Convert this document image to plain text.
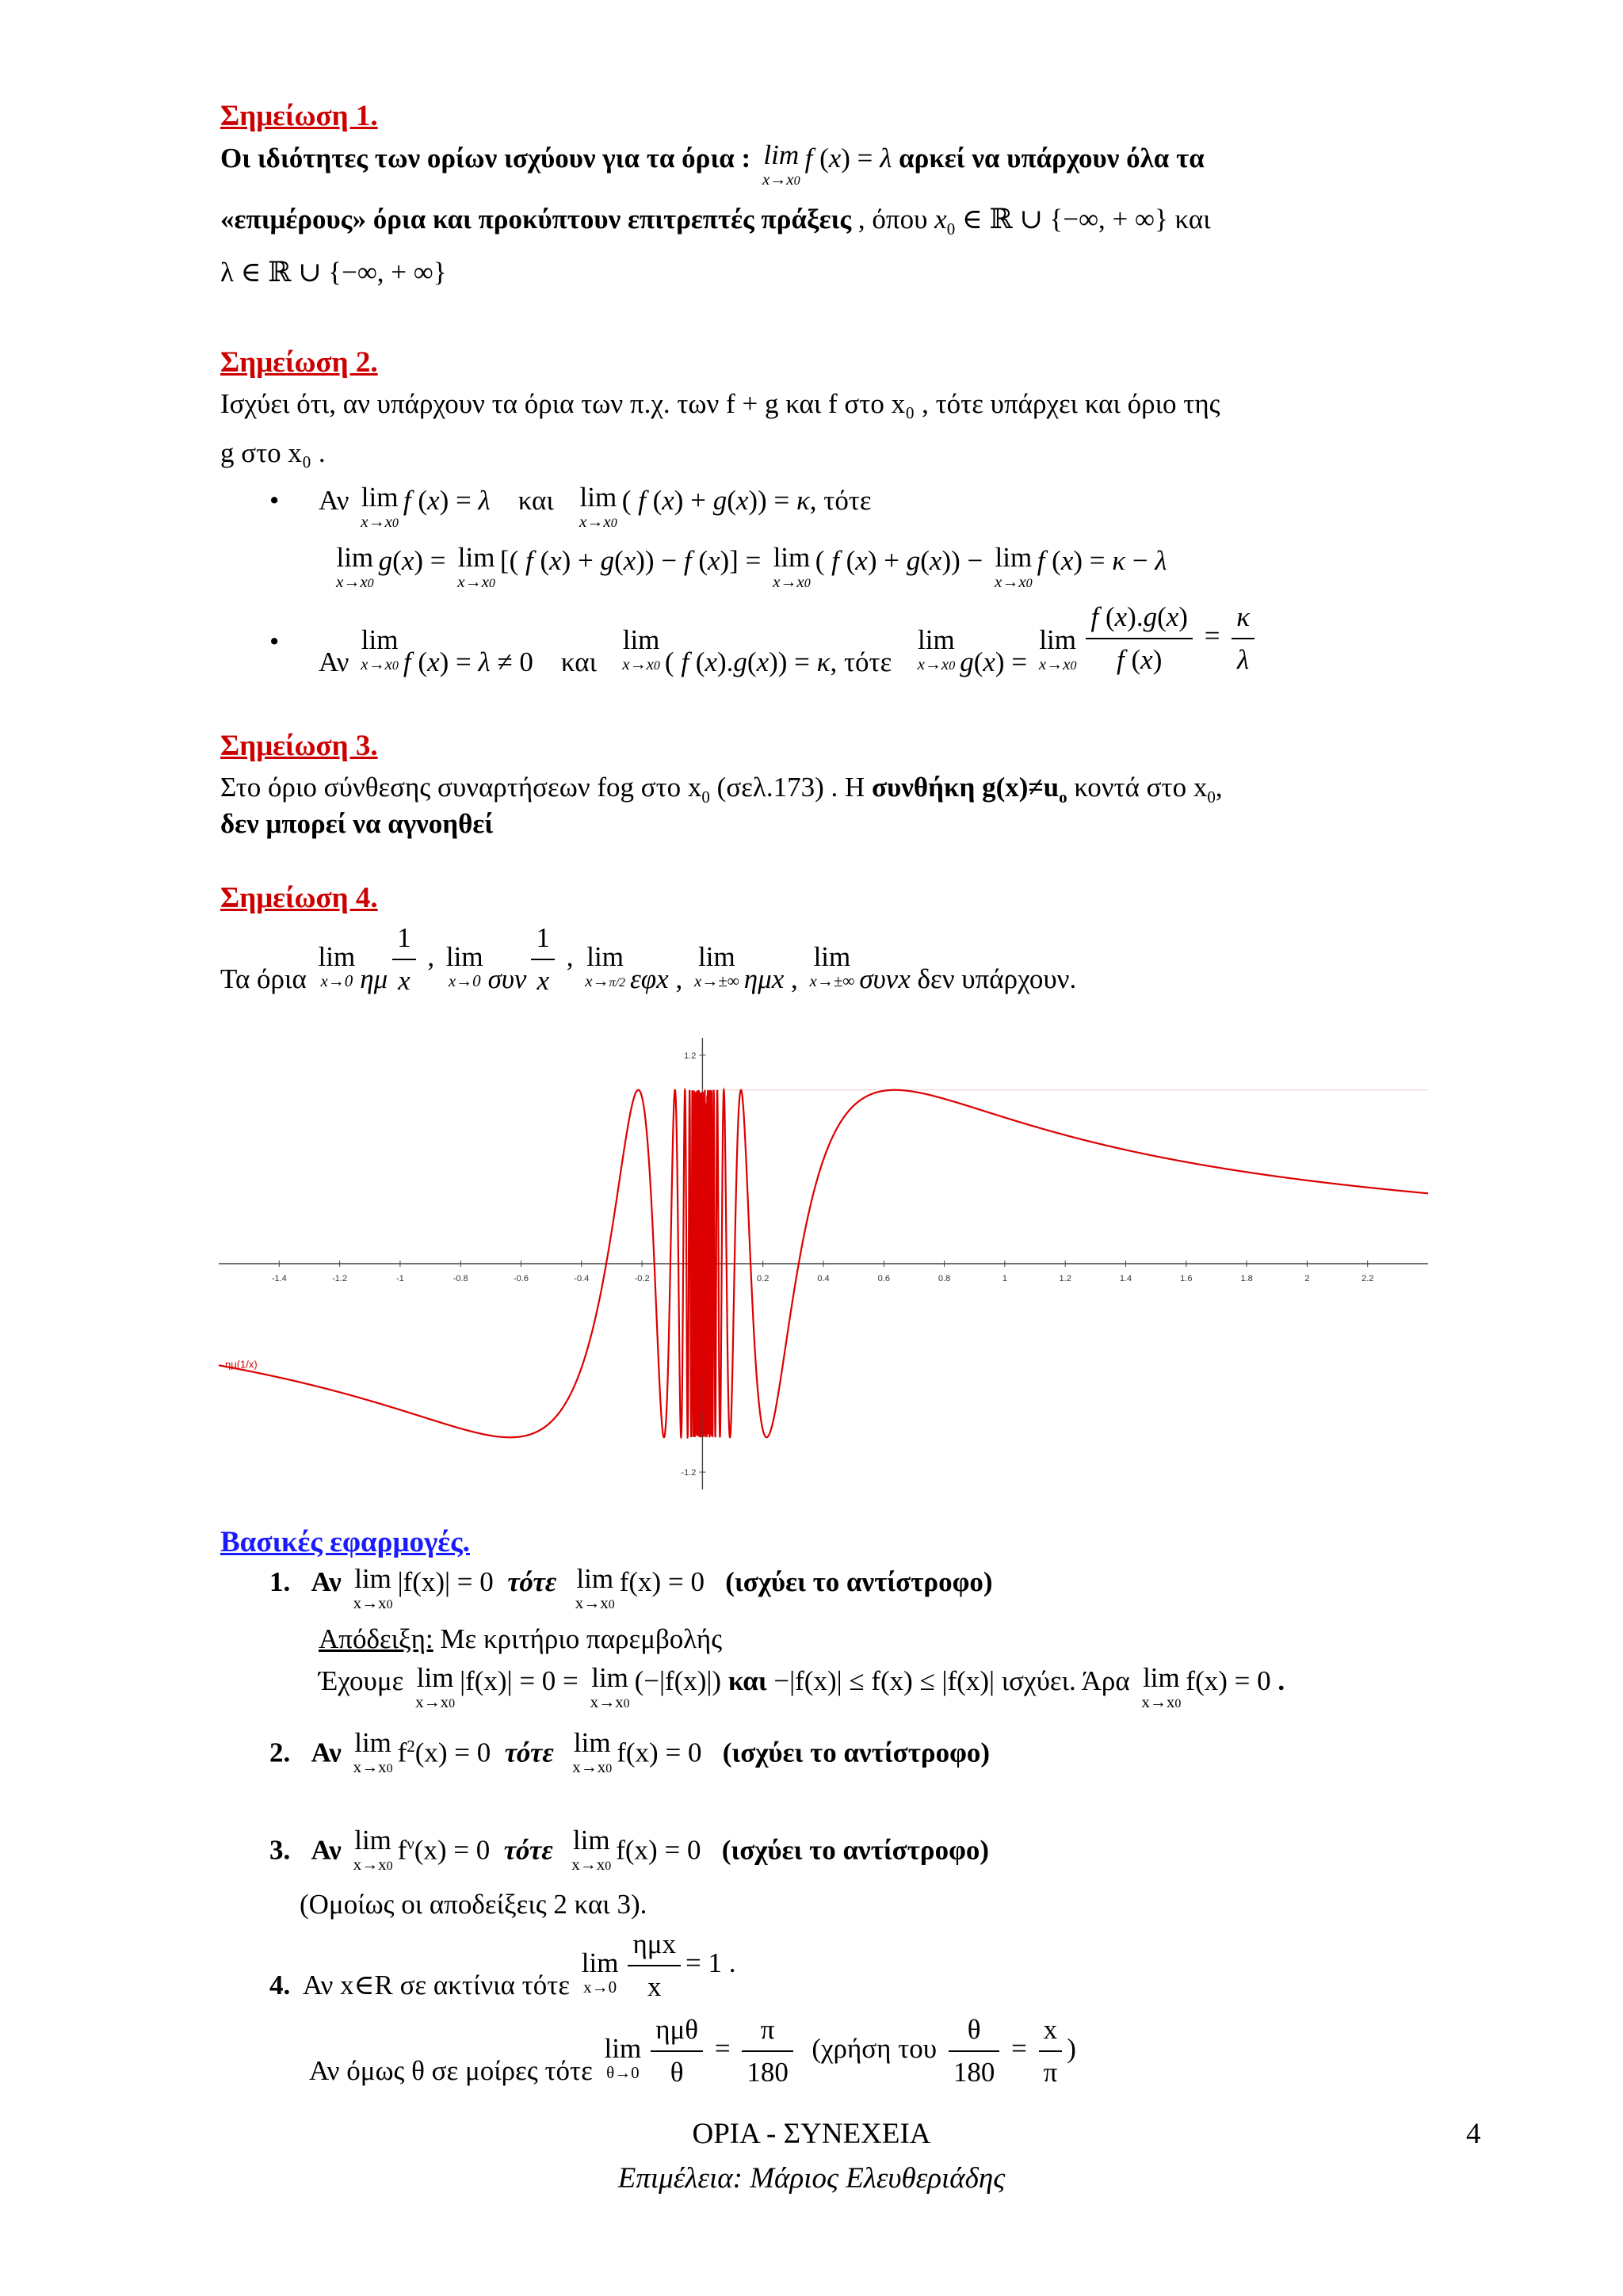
Σημείωση 1.
Οι ιδιότητες των ορίων ισχύουν για τα όρια : lim
x→x0
f (x) = λ αρκεί να υπάρχουν όλα τα
«επιμέρους» όρια και προκύπτουν επιτρεπτές πράξεις , όπου $x_0$ ∈ ℝ ∪ {−∞, + ∞} και
λ ∈ ℝ ∪ {−∞, + ∞}
Σημείωση 2.
Ισχύει ότι, αν υπάρχουν τα όρια των π.χ. των f + g και f στο x₀ , τότε υπάρχει και όριο της
g στο x₀ .
• Αν lim
x→x0
f (x) = λ και lim
x→x0
( f (x) + g(x)) = κ, τότε
lim
x→x0
g(x) = lim
x→x0
[( f (x) + g(x)) − f (x)] = lim
x→x0
( f (x) + g(x)) − lim
x→x0
f (x) = κ − λ
•
Αν lim
x→x0 f (x) = λ ≠ 0    και   lim
x→x0 ( f (x).g(x)) = κ, τότε   lim
x→x0 g(x) = lim
$x\to x0 \frac{f (x).g(x)}{f (x)} = \frac{\kappa}{\lambda}$
Σημείωση 3.
Στο όριο σύνθεσης συναρτήσεων fog στο $x_0$ (σελ.173) . Η συνθήκη $g(x)\ne u_o$ κοντά στο $x_0$,
δεν μπορεί να αγνοηθεί
Σημείωση 4.
Τα όρια lim
x→0 ημ $\frac{1}{x}$ , lim
x→0 συν $\frac{1}{x}$ , lim
x→π/2 εφx , lim
x→±∞ ημx , lim
x→±∞ συνx δεν υπάρχουν.
-1.4	-1.2	-1	-0.8	-0.6	-0.4	-0.2	0.2	0.4	0.6	0.8	1	1.2	1.4	1.6	1.8	2	2.2
1.2
-1.2
ημ(1/x)
Βασικές εφαρμογές.
1. Αν lim
x→x0
|f(x)| = 0  τότε lim
x→x0
f(x) = 0   (ισχύει το αντίστροφο)
Απόδειξη: Με κριτήριο παρεμβολής
Έχουμε lim
x→x0
|f(x)| = 0 = lim
x→x0
(−|f(x)|) και −|f(x)| ≤ f(x) ≤ |f(x)| ισχύει. Άρα lim
x→x0
f(x) = 0 .
2. Αν lim
x→x0
$f^2(x) = 0$  τότε lim
x→x0
f(x) = 0   (ισχύει το αντίστροφο)
3. Αν lim
x→x0
$f^\nu(x) = 0$  τότε lim
x→x0
f(x) = 0   (ισχύει το αντίστροφο)
(Ομοίως οι αποδείξεις 2 και 3).
4. Αν x∈R σε ακτίνια τότε lim
$x\to 0 \frac{\text{ημx}}{x} = 1$ .
Αν όμως θ σε μοίρες τότε lim
$\theta\to 0 \frac{\text{ημθ}}{\theta} = \frac{\pi}{180} (\chi\rho ή\sigma\eta$ του $\frac{\theta}{180} = \frac{x}{\pi}$ )
ΟΡΙΑ - ΣΥΝΕΧΕΙΑ
Επιμέλεια: Μάριος Ελευθεριάδης
4
